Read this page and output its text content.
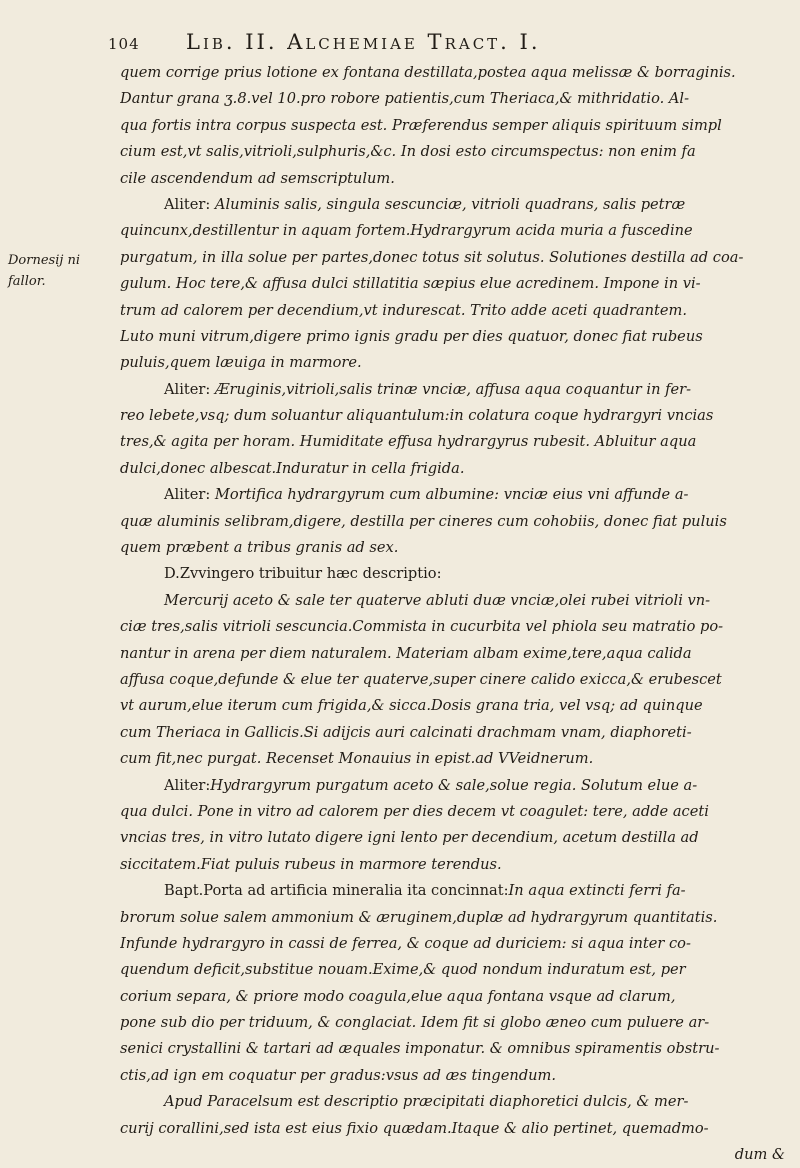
104	Lib. II. Alchemiae Tract. I.
Dornesij ni
fallor.
quem corrige prius lotione ex fontana destillata,postea aqua melissæ & borraginis.
Dantur grana ʒ.8.vel 10.pro robore patientis,cum Theriaca,& mithridatio. Al-
qua fortis intra corpus suspecta est. Præferendus semper aliquis spirituum simpl
cium est,vt salis,vitrioli,sulphuris,&c. In dosi esto circumspectus: non enim fa
cile ascendendum ad semscriptulum.
Aliter: Aluminis salis, singula sescunciæ, vitrioli quadrans, salis petræ
quincunx,destillentur in aquam fortem.Hydrargyrum acida muria a fuscedine
purgatum, in illa solue per partes,donec totus sit solutus. Solutiones destilla ad coa-
gulum. Hoc tere,& affusa dulci stillatitia sæpius elue acredinem. Impone in vi-
trum ad calorem per decendium,vt indurescat. Trito adde aceti quadrantem.
Luto muni vitrum,digere primo ignis gradu per dies quatuor, donec fiat rubeus
puluis,quem læuiga in marmore.
Aliter: Æruginis,vitrioli,salis trinæ vnciæ, affusa aqua coquantur in fer-
reo lebete,vsq; dum soluantur aliquantulum:in colatura coque hydrargyri vncias
tres,& agita per horam. Humiditate effusa hydrargyrus rubesit. Abluitur aqua
dulci,donec albescat.Induratur in cella frigida.
Aliter: Mortifica hydrargyrum cum albumine: vnciæ eius vni affunde a-
quæ aluminis selibram,digere, destilla per cineres cum cohobiis, donec fiat puluis
quem præbent a tribus granis ad sex.
D.Zvvingero tribuitur hæc descriptio:
Mercurij aceto & sale ter quaterve abluti duæ vnciæ,olei rubei vitrioli vn-
ciæ tres,salis vitrioli sescuncia.Commista in cucurbita vel phiola seu matratio po-
nantur in arena per diem naturalem. Materiam albam exime,tere,aqua calida
affusa coque,defunde & elue ter quaterve,super cinere calido exicca,& erubescet
vt aurum,elue iterum cum frigida,& sicca.Dosis grana tria, vel vsq; ad quinque
cum Theriaca in Gallicis.Si adijcis auri calcinati drachmam vnam, diaphoreti-
cum fit,nec purgat. Recenset Monauius in epist.ad VVeidnerum.
Aliter:Hydrargyrum purgatum aceto & sale,solue regia. Solutum elue a-
qua dulci. Pone in vitro ad calorem per dies decem vt coagulet: tere, adde aceti
vncias tres, in vitro lutato digere igni lento per decendium, acetum destilla ad
siccitatem.Fiat puluis rubeus in marmore terendus.
Bapt.Porta ad artificia mineralia ita concinnat:In aqua extincti ferri fa-
brorum solue salem ammonium & æruginem,duplæ ad hydrargyrum quantitatis.
Infunde hydrargyro in cassi de ferrea, & coque ad duriciem: si aqua inter co-
quendum deficit,substitue nouam.Exime,& quod nondum induratum est, per
corium separa, & priore modo coagula,elue aqua fontana vsque ad clarum,
pone sub dio per triduum, & conglaciat. Idem fit si globo æneo cum puluere ar-
senici crystallini & tartari ad æquales imponatur. & omnibus spiramentis obstru-
ctis,ad ign em coquatur per gradus:vsus ad æs tingendum.
Apud Paracelsum est descriptio præcipitati diaphoretici dulcis, & mer-
curij corallini,sed ista est eius fixio quædam.Itaque & alio pertinet, quemadmo-
dum &
